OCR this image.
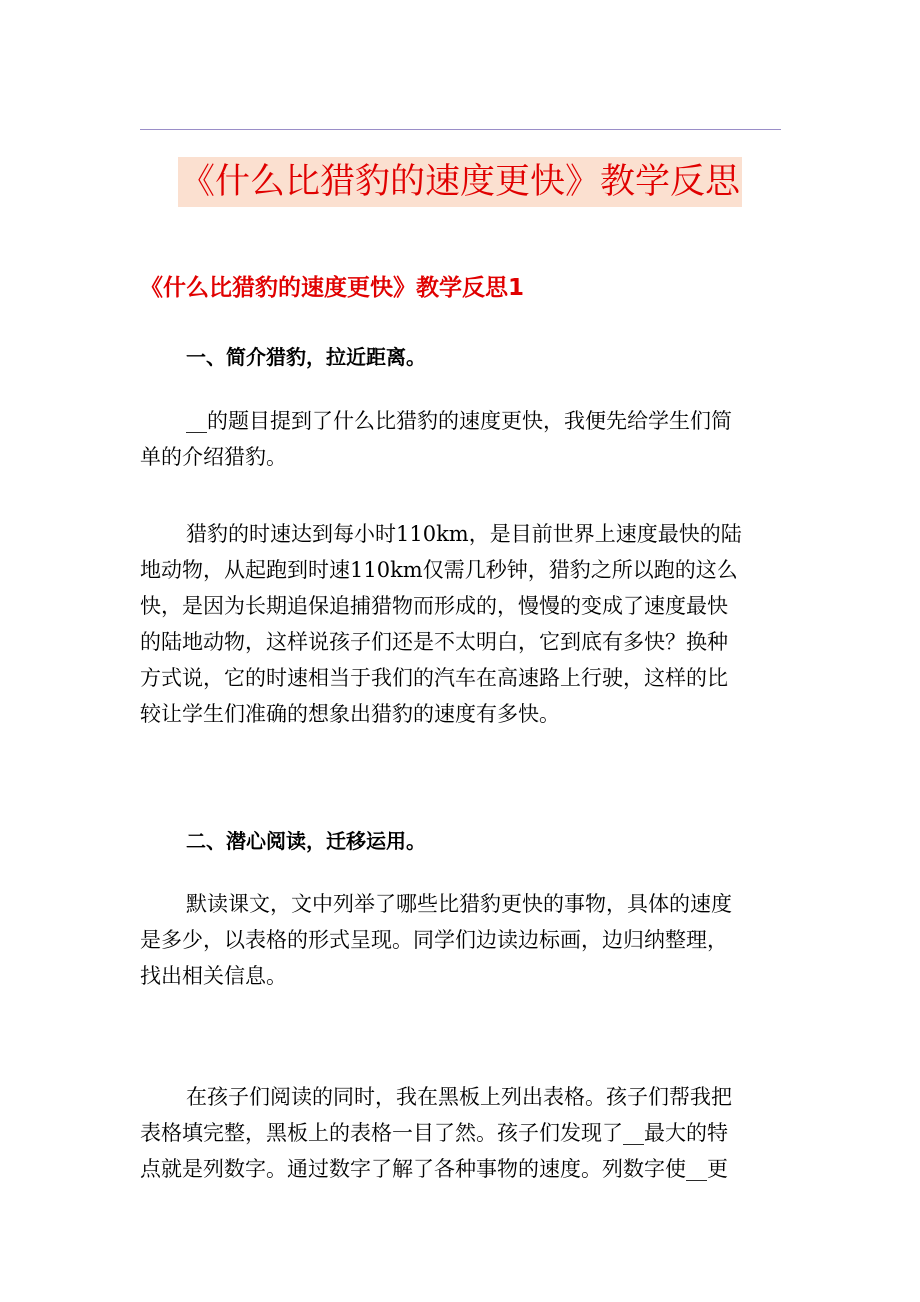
《什么比猎豹的速度更快》教学反思
《什么比猎豹的速度更快》教学反思1
一、简介猎豹，拉近距离。
__的题目提到了什么比猎豹的速度更快，我便先给学生们简
单的介绍猎豹。
猎豹的时速达到每小时110km，是目前世界上速度最快的陆
地动物，从起跑到时速110km仅需几秒钟，猎豹之所以跑的这么
快，是因为长期追保追捕猎物而形成的，慢慢的变成了速度最快
的陆地动物，这样说孩子们还是不太明白，它到底有多快？换种
方式说，它的时速相当于我们的汽车在高速路上行驶，这样的比
较让学生们准确的想象出猎豹的速度有多快。
二、潜心阅读，迁移运用。
默读课文，文中列举了哪些比猎豹更快的事物，具体的速度
是多少，以表格的形式呈现。同学们边读边标画，边归纳整理，
找出相关信息。
在孩子们阅读的同时，我在黑板上列出表格。孩子们帮我把
表格填完整，黑板上的表格一目了然。孩子们发现了__最大的特
点就是列数字。通过数字了解了各种事物的速度。列数字使__更
